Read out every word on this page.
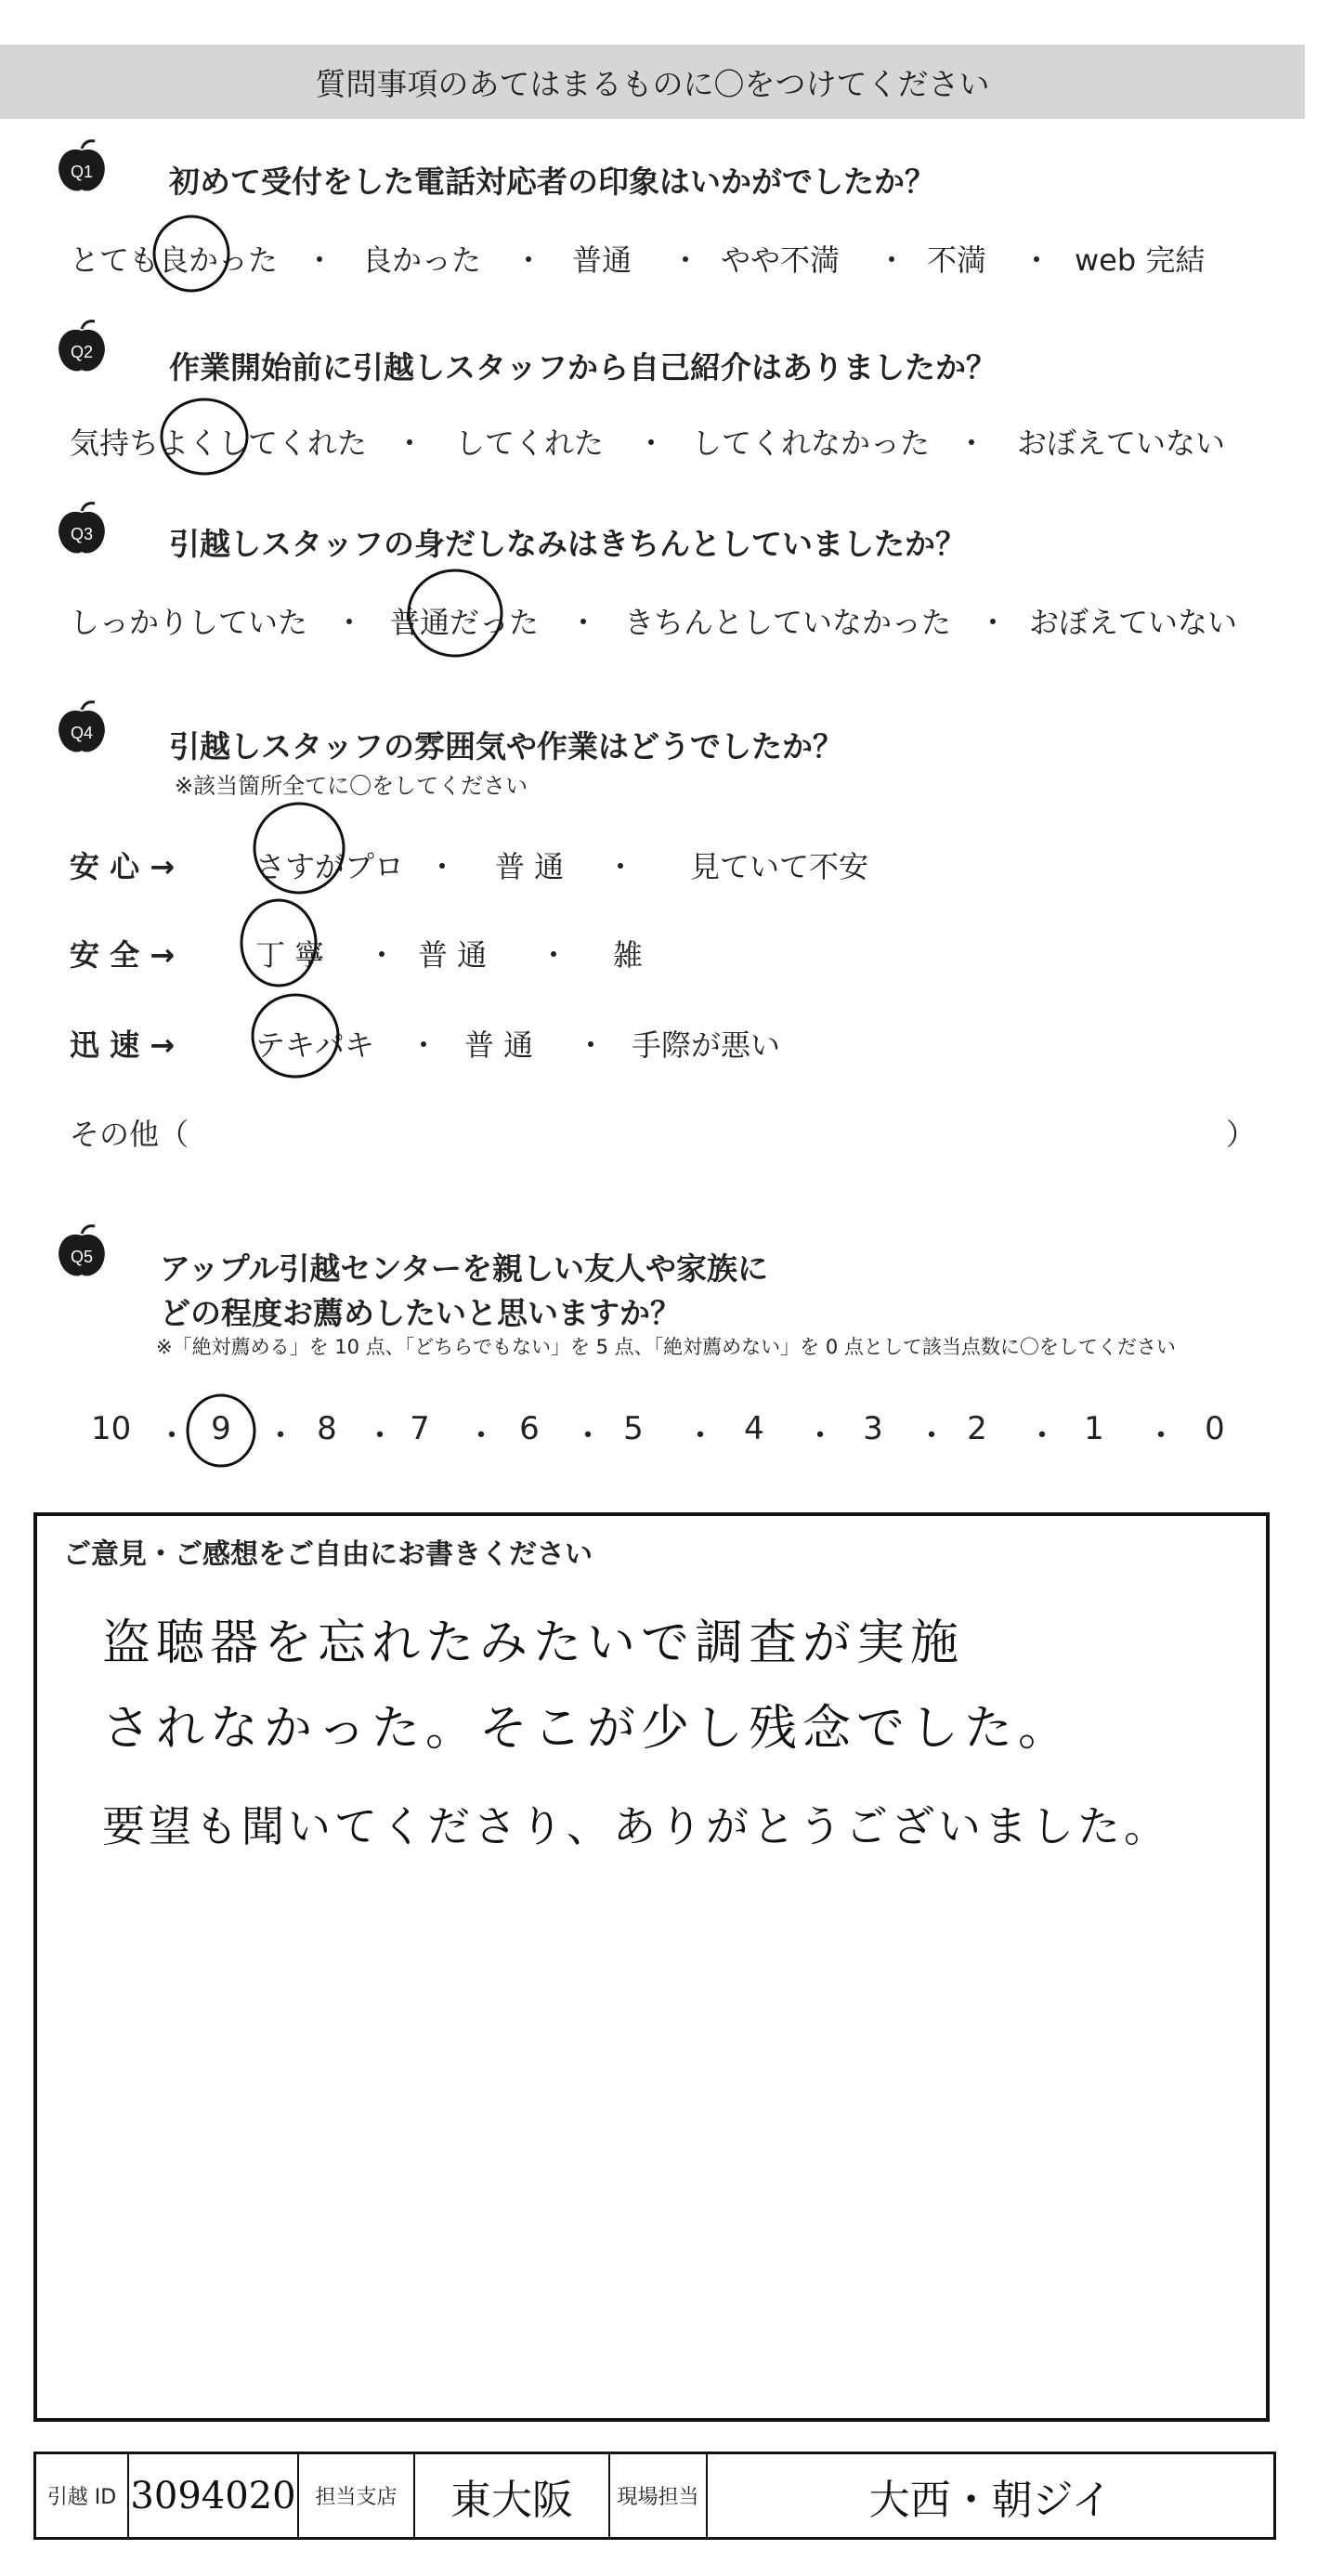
質問事項のあてはまるものに〇をつけてください
Q1 初めて受付をした電話対応者の印象はいかがでしたか？
とても良かった ・ 良かった ・ 普通 ・ やや不満 ・ 不満 ・ web 完結
Q2 作業開始前に引越しスタッフから自己紹介はありましたか？
気持ちよくしてくれた ・ してくれた ・ してくれなかった ・ おぼえていない
Q3 引越しスタッフの身だしなみはきちんとしていましたか？
しっかりしていた ・ 普通だった ・ きちんとしていなかった ・ おぼえていない
Q4 引越しスタッフの雰囲気や作業はどうでしたか？
※該当箇所全てに〇をしてください
安 心 →	さすがプロ ・ 普 通 ・ 見ていて不安
安 全 →	丁 寧 ・ 普 通 ・ 雑
迅 速 →	テキパキ ・ 普 通 ・ 手際が悪い
その他（	）
Q5 アップル引越センターを親しい友人や家族に
どの程度お薦めしたいと思いますか？
※「絶対薦める」を 10 点、「どちらでもない」を 5 点、「絶対薦めない」を 0 点として該当点数に〇をしてください
10 ・ 9 ・ 8 ・ 7 ・ 6 ・ 5 ・ 4 ・ 3 ・ 2 ・ 1 ・ 0
ご意見・ご感想をご自由にお書きください
盗聴器を忘れたみたいで調査が実施
されなかった。そこが少し残念でした。
要望も聞いてくださり、ありがとうございました。
引越 ID 3094020 担当支店 東大阪 現場担当	大西・朝ジイ
